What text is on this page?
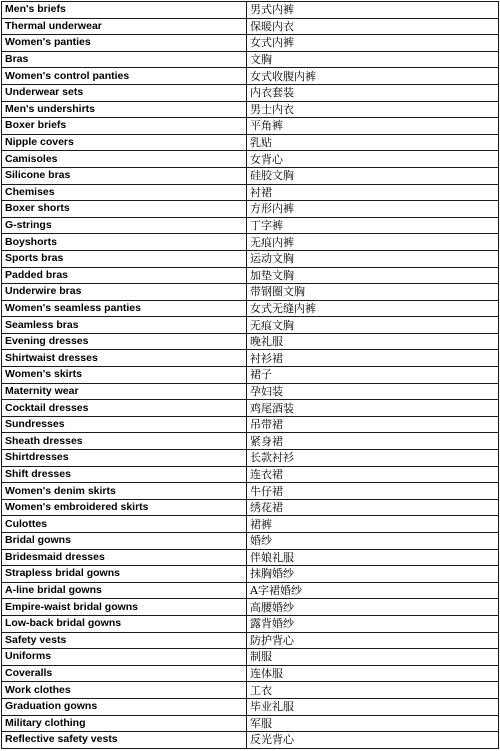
Men's briefs	男式内裤
Thermal underwear	保暖内衣
Women's panties	女式内裤
Bras	文胸
Women's control panties	女式收腹内裤
Underwear sets	内衣套装
Men's undershirts	男士内衣
Boxer briefs	平角裤
Nipple covers	乳贴
Camisoles	女背心
Silicone bras	硅胶文胸
Chemises	衬裙
Boxer shorts	方形内裤
G-strings	丁字裤
Boyshorts	无痕内裤
Sports bras	运动文胸
Padded bras	加垫文胸
Underwire bras	带钢圈文胸
Women's seamless panties	女式无缝内裤
Seamless bras	无痕文胸
Evening dresses	晚礼服
Shirtwaist dresses	衬衫裙
Women's skirts	裙子
Maternity wear	孕妇装
Cocktail dresses	鸡尾酒装
Sundresses	吊带裙
Sheath dresses	紧身裙
Shirtdresses	长款衬衫
Shift dresses	连衣裙
Women's denim skirts	牛仔裙
Women's embroidered skirts	绣花裙
Culottes	裙裤
Bridal gowns	婚纱
Bridesmaid dresses	伴娘礼服
Strapless bridal gowns	抹胸婚纱
A-line bridal gowns	A字裙婚纱
Empire-waist bridal gowns	高腰婚纱
Low-back bridal gowns	露背婚纱
Safety vests	防护背心
Uniforms	制服
Coveralls	连体服
Work clothes	工衣
Graduation gowns	毕业礼服
Military clothing	军服
Reflective safety vests	反光背心
